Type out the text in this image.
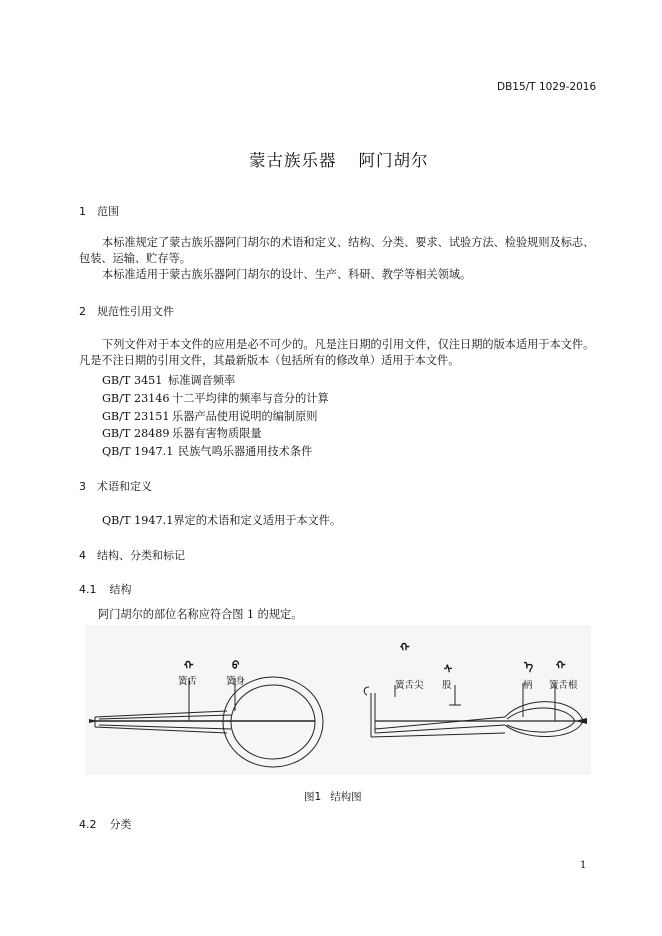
DB15/T 1029-2016
蒙古族乐器 阿门胡尔
1 范围
本标准规定了蒙古族乐器阿门胡尔的术语和定义、结构、分类、要求、试验方法、检验规则及标志、
包装、运输、贮存等。
本标准适用于蒙古族乐器阿门胡尔的设计、生产、科研、教学等相关领域。
2 规范性引用文件
下列文件对于本文件的应用是必不可少的。凡是注日期的引用文件，仅注日期的版本适用于本文件。
凡是不注日期的引用文件，其最新版本（包括所有的修改单）适用于本文件。
GB/T 3451 标准调音频率
GB/T 23146 十二平均律的频率与音分的计算
GB/T 23151 乐器产品使用说明的编制原则
GB/T 28489 乐器有害物质限量
QB/T 1947.1 民族气鸣乐器通用技术条件
3 术语和定义
QB/T 1947.1界定的术语和定义适用于本文件。
4 结构、分类和标记
4.1 结构
阿门胡尔的部位名称应符合图 1 的规定。
簧舌	簧身
ᠬ	ᠪ
簧舌尖 股	柄 簧舌根
ᠬ
ᠰ	ᠡ ᠬ
图1 结构图
4.2 分类
1
